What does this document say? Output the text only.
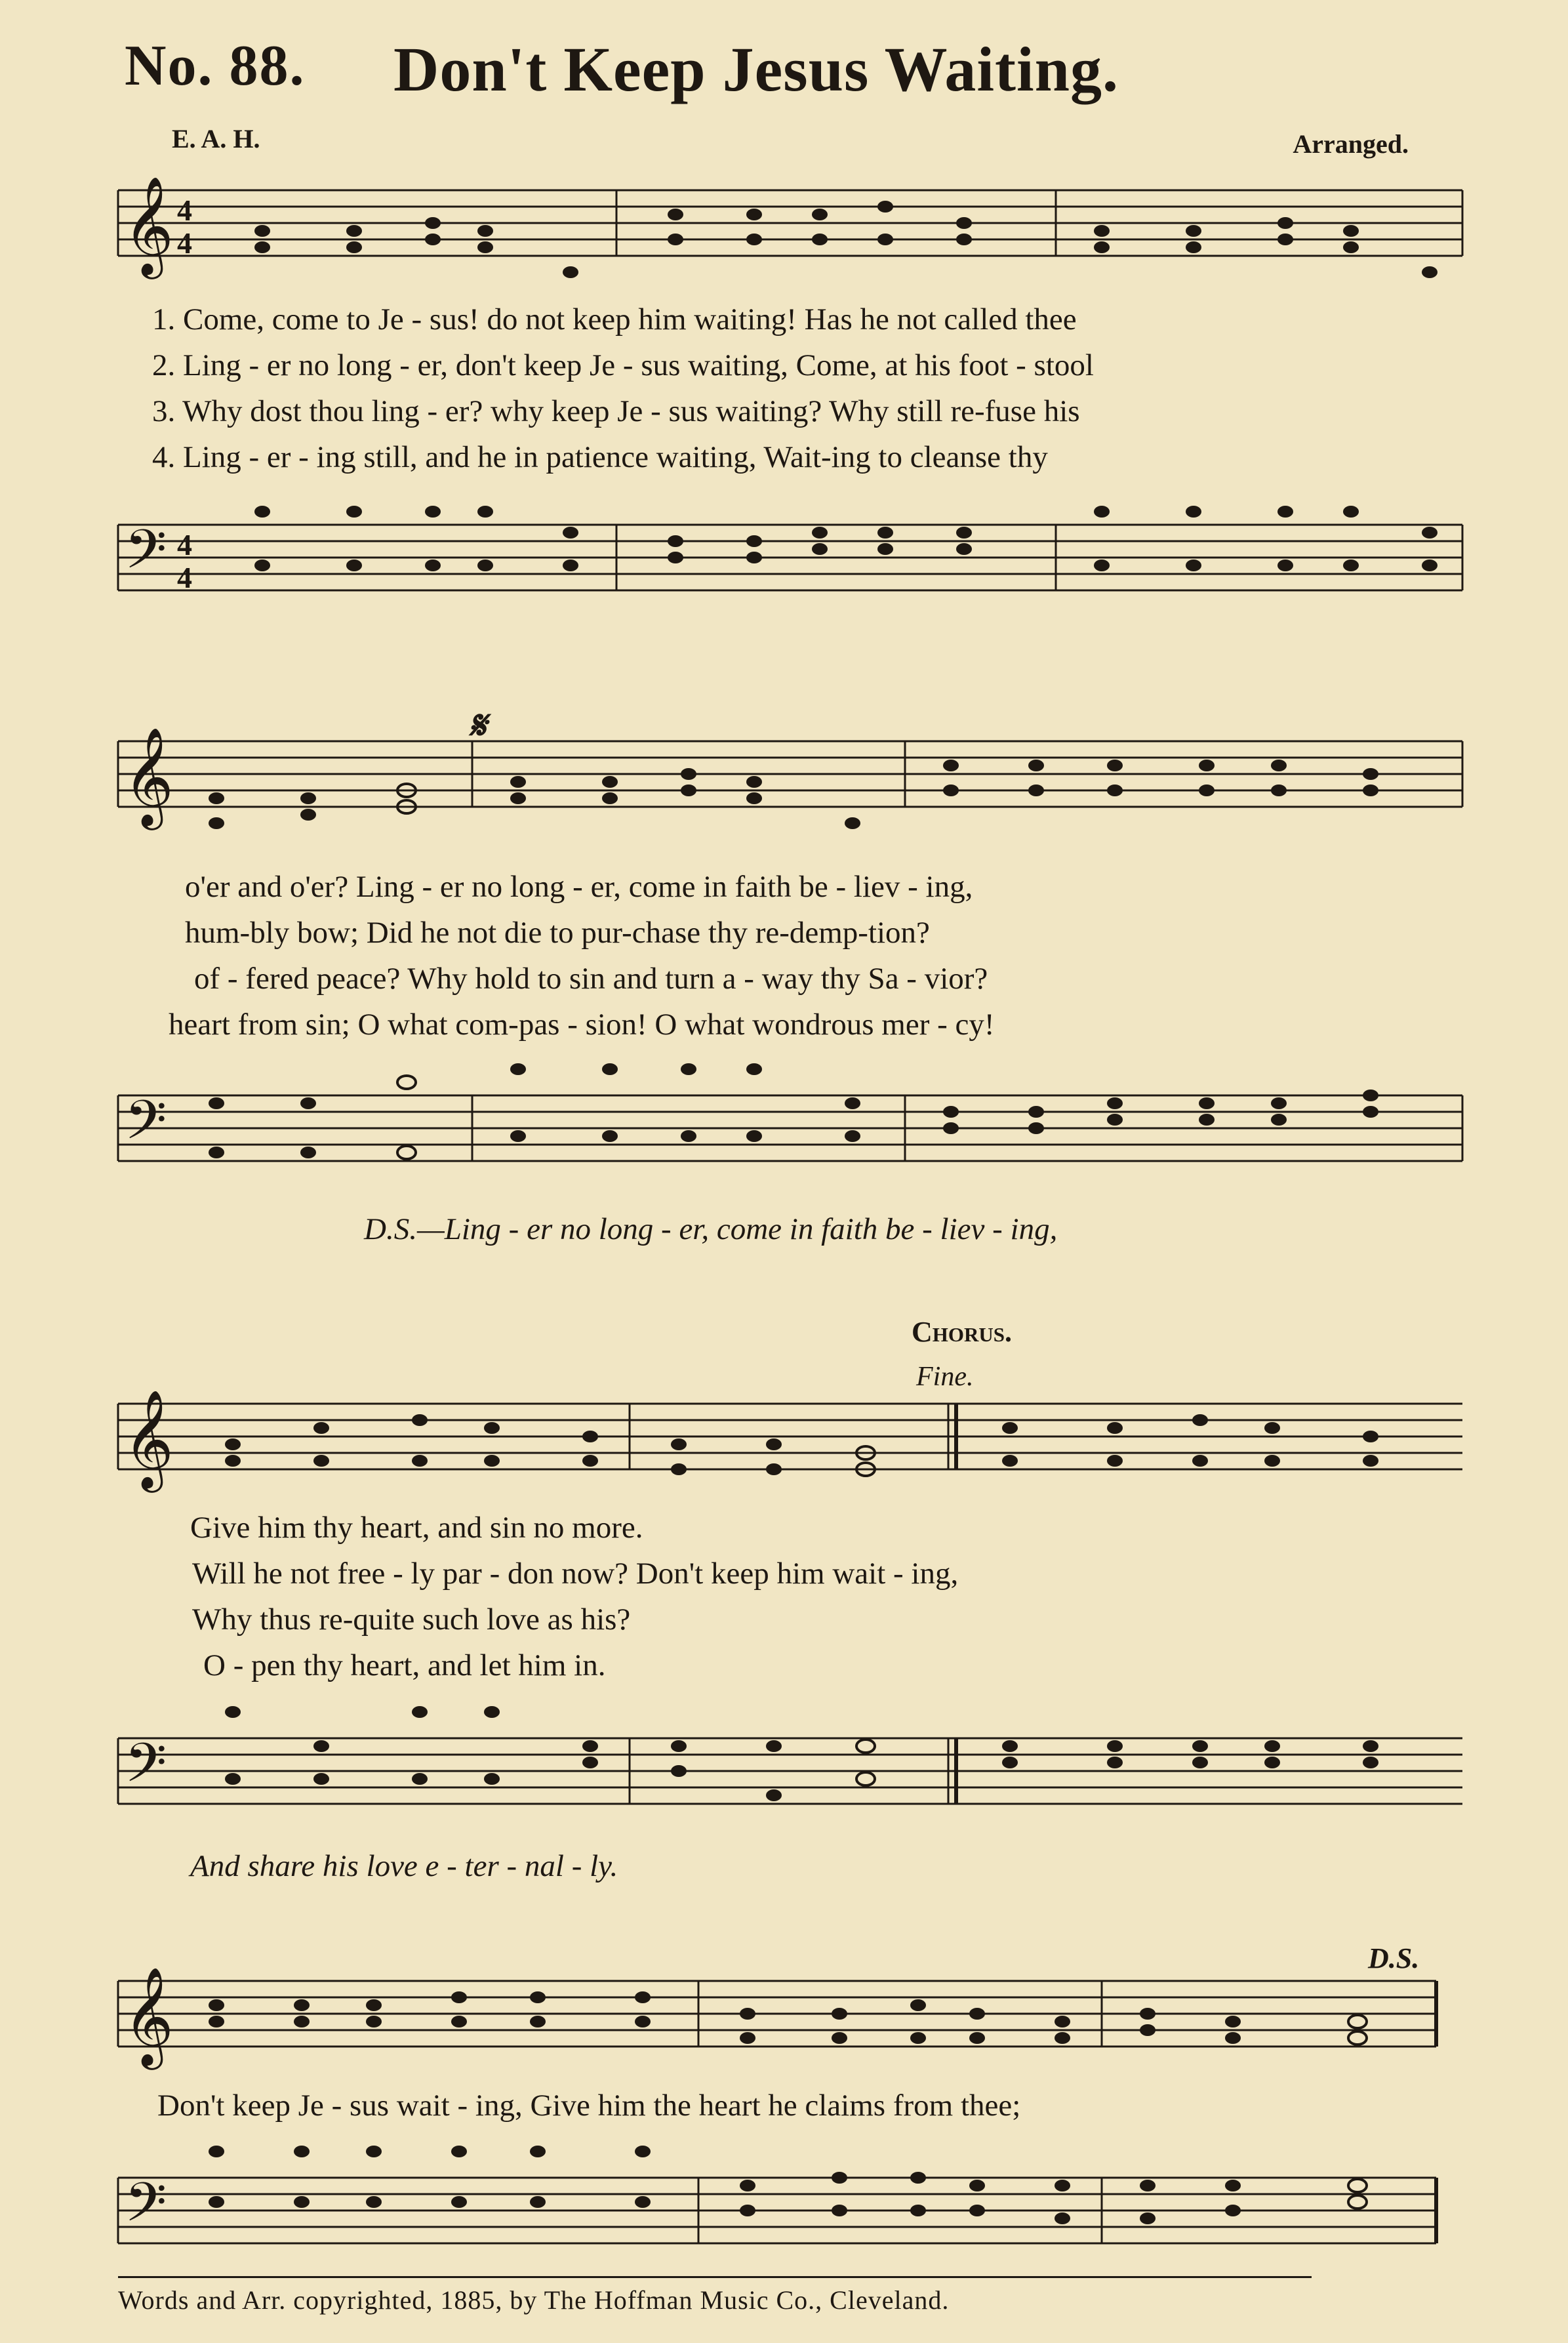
No. 88. Don't Keep Jesus Waiting.
E. A. H.	Arranged.
𝄞 4
4
1. Come, come to Je - sus! do not keep him waiting! Has he not called thee
2. Ling - er no long - er, don't keep Je - sus waiting, Come, at his foot - stool
3. Why dost thou ling - er? why keep Je - sus waiting? Why still re-fuse his
4. Ling - er - ing still, and he in patience waiting, Wait-ing to cleanse thy
𝄢 4
4
𝄋
𝄞
o'er and o'er? Ling - er no long - er, come in faith be - liev - ing,
hum-bly bow; Did he not die to pur-chase thy re-demp-tion?
of - fered peace? Why hold to sin and turn a - way thy Sa - vior?
heart from sin; O what com-pas - sion! O what wondrous mer - cy!
𝄢
D.S.—Ling - er no long - er, come in faith be - liev - ing,
Chorus.
Fine.
𝄞
Give him thy heart, and sin no more.
Will he not free - ly par - don now? Don't keep him wait - ing,
Why thus re-quite such love as his?
O - pen thy heart, and let him in.
𝄢
And share his love e - ter - nal - ly.
D.S.
𝄞
Don't keep Je - sus wait - ing, Give him the heart he claims from thee;
𝄢
Words and Arr. copyrighted, 1885, by The Hoffman Music Co., Cleveland.
